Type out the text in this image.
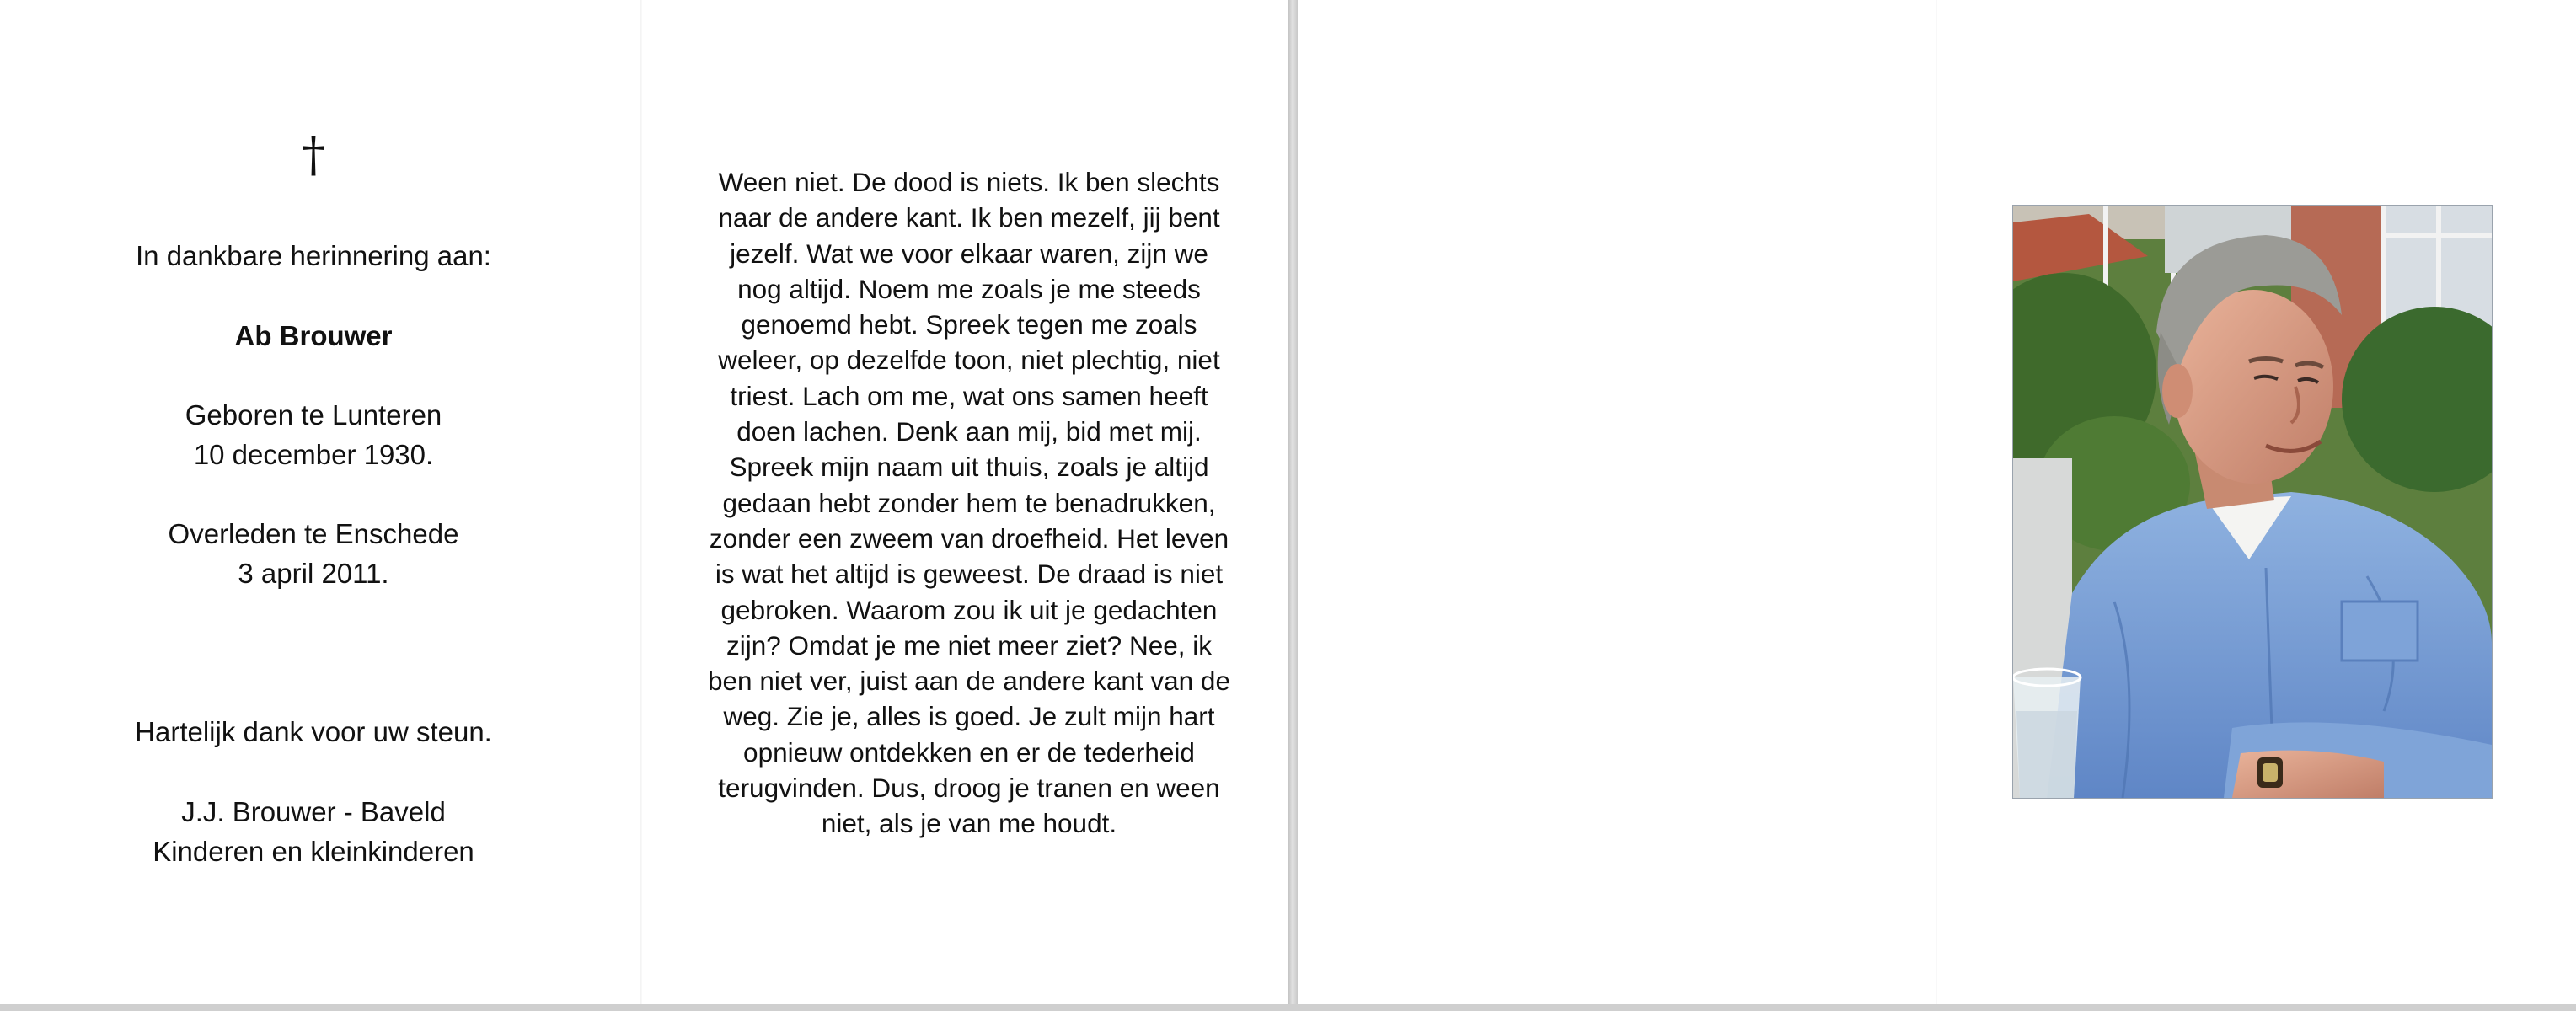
†
In dankbare herinnering aan:
Ab Brouwer
Geboren te Lunteren
10 december 1930.
Overleden te Enschede
3 april 2011.
Hartelijk dank voor uw steun.
J.J. Brouwer - Baveld
Kinderen en kleinkinderen
Ween niet. De dood is niets. Ik ben slechts
naar de andere kant. Ik ben mezelf, jij bent
jezelf. Wat we voor elkaar waren, zijn we
nog altijd. Noem me zoals je me steeds
genoemd hebt. Spreek tegen me zoals
weleer, op dezelfde toon, niet plechtig, niet
triest. Lach om me, wat ons samen heeft
doen lachen. Denk aan mij, bid met mij.
Spreek mijn naam uit thuis, zoals je altijd
gedaan hebt zonder hem te benadrukken,
zonder een zweem van droefheid. Het leven
is wat het altijd is geweest. De draad is niet
gebroken. Waarom zou ik uit je gedachten
zijn? Omdat je me niet meer ziet? Nee, ik
ben niet ver, juist aan de andere kant van de
weg. Zie je, alles is goed. Je zult mijn hart
opnieuw ontdekken en er de tederheid
terugvinden. Dus, droog je tranen en ween
niet, als je van me houdt.
